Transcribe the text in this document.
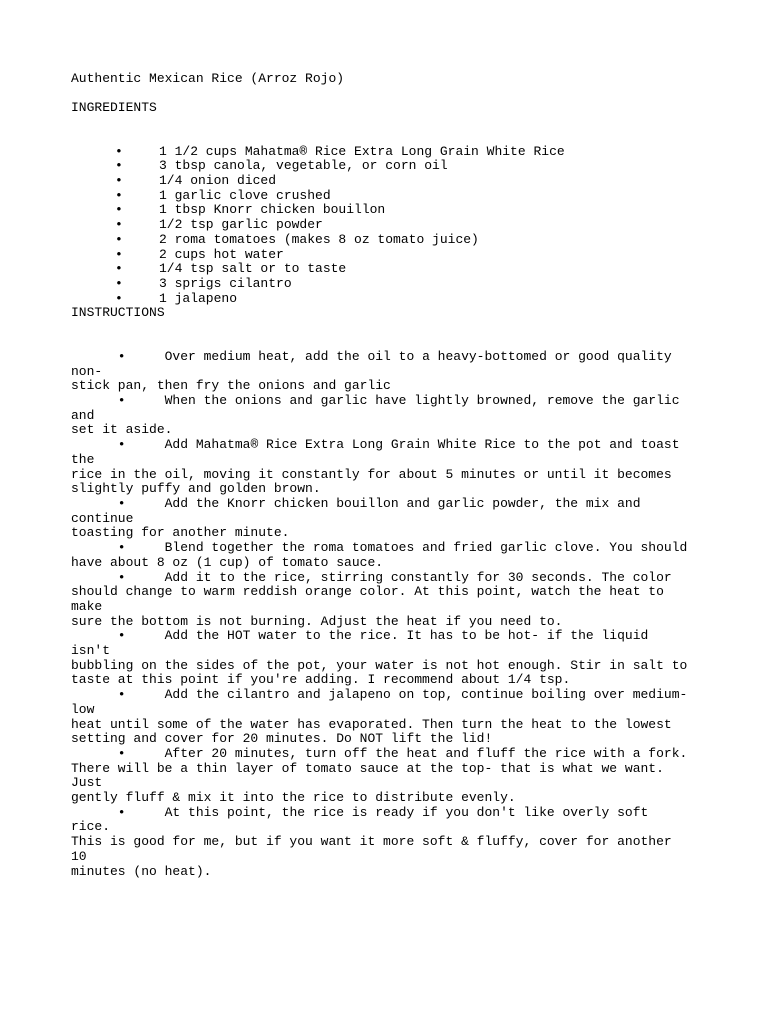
Authentic Mexican Rice (Arroz Rojo)

INGREDIENTS

•	1 1/2 cups Mahatma® Rice Extra Long Grain White Rice
•	3 tbsp canola, vegetable, or corn oil
•	1/4 onion diced
•	1 garlic clove crushed
•	1 tbsp Knorr chicken bouillon
•	1/2 tsp garlic powder
•	2 roma tomatoes (makes 8 oz tomato juice)
•	2 cups hot water
•	1/4 tsp salt or to taste
•	3 sprigs cilantro
•	1 jalapeno

INSTRUCTIONS

•     Over medium heat, add the oil to a heavy-bottomed or good quality non-
stick pan, then fry the onions and garlic
•     When the onions and garlic have lightly browned, remove the garlic and
set it aside.
•     Add Mahatma® Rice Extra Long Grain White Rice to the pot and toast the
rice in the oil, moving it constantly for about 5 minutes or until it becomes
slightly puffy and golden brown.
•     Add the Knorr chicken bouillon and garlic powder, the mix and continue
toasting for another minute.
•     Blend together the roma tomatoes and fried garlic clove. You should
have about 8 oz (1 cup) of tomato sauce.
•     Add it to the rice, stirring constantly for 30 seconds. The color
should change to warm reddish orange color. At this point, watch the heat to make
sure the bottom is not burning. Adjust the heat if you need to.
•     Add the HOT water to the rice. It has to be hot- if the liquid isn't
bubbling on the sides of the pot, your water is not hot enough. Stir in salt to
taste at this point if you're adding. I recommend about 1/4 tsp.
•     Add the cilantro and jalapeno on top, continue boiling over medium-low
heat until some of the water has evaporated. Then turn the heat to the lowest
setting and cover for 20 minutes. Do NOT lift the lid!
•     After 20 minutes, turn off the heat and fluff the rice with a fork.
There will be a thin layer of tomato sauce at the top- that is what we want. Just
gently fluff & mix it into the rice to distribute evenly.
•     At this point, the rice is ready if you don't like overly soft rice.
This is good for me, but if you want it more soft & fluffy, cover for another 10
minutes (no heat).
